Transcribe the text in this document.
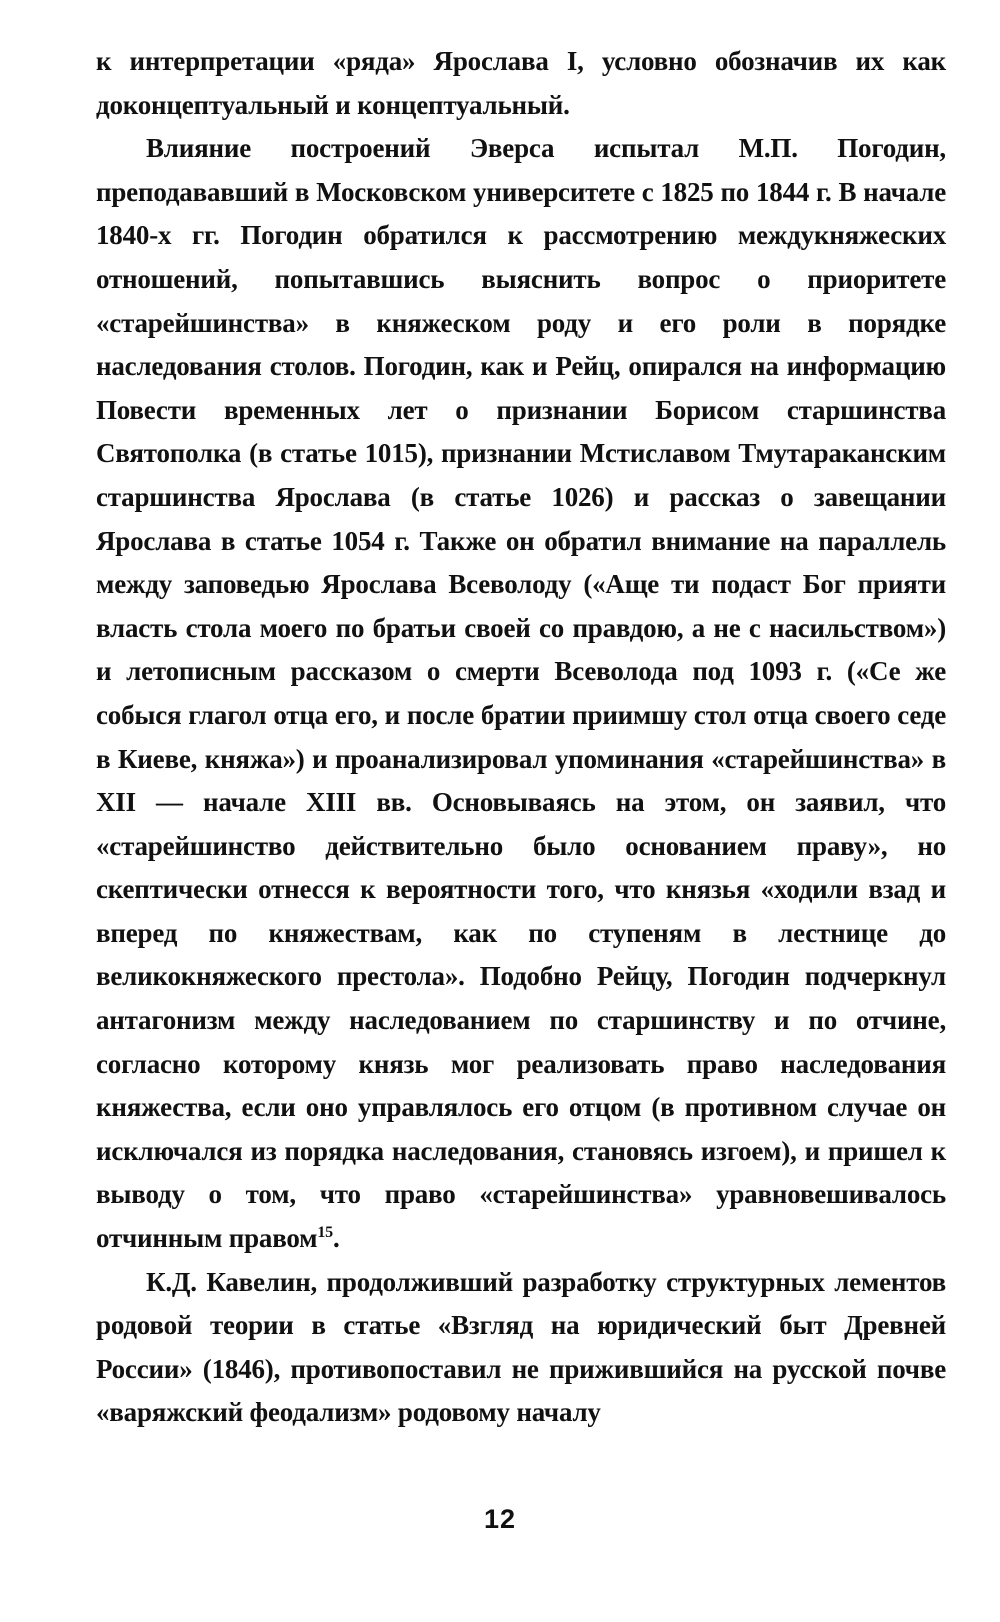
к интерпретации «ряда» Ярослава I, условно обозначив их как доконцептуальный и концептуальный.

Влияние построений Эверса испытал М.П. Погодин, преподававший в Московском университете с 1825 по 1844 г. В начале 1840-х гг. Погодин обратился к рассмотрению междукняжеских отношений, попытавшись выяснить вопрос о приоритете «старейшинства» в княжеском роду и его роли в порядке наследования столов. Погодин, как и Рейц, опирался на информацию Повести временных лет о признании Борисом старшинства Святополка (в статье 1015), признании Мстиславом Тмутараканским старшинства Ярослава (в статье 1026) и рассказ о завещании Ярослава в статье 1054 г. Также он обратил внимание на параллель между заповедью Ярослава Всеволоду («Аще ти подаст Бог прияти власть стола моего по братьи своей со правдою, а не с насильством») и летописным рассказом о смерти Всеволода под 1093 г. («Се же собыся глагол отца его, и после братии приимшу стол отца своего седе в Киеве, княжа») и проанализировал упоминания «старейшинства» в XII — начале XIII вв. Основываясь на этом, он заявил, что «старейшинство действительно было основанием праву», но скептически отнесся к вероятности того, что князья «ходили взад и вперед по княжествам, как по ступеням в лестнице до великокняжеского престола». Подобно Рейцу, Погодин подчеркнул антагонизм между наследованием по старшинству и по отчине, согласно которому князь мог реализовать право наследования княжества, если оно управлялось его отцом (в противном случае он исключался из порядка наследования, становясь изгоем), и пришел к выводу о том, что право «старейшинства» уравновешивалось отчинным правом$^{15}$.

К.Д. Кавелин, продолживший разработку структурных лементов родовой теории в статье «Взгляд на юридический быт Древней России» (1846), противопоставил не прижившийся на русской почве «варяжский феодализм» родовому началу

12
